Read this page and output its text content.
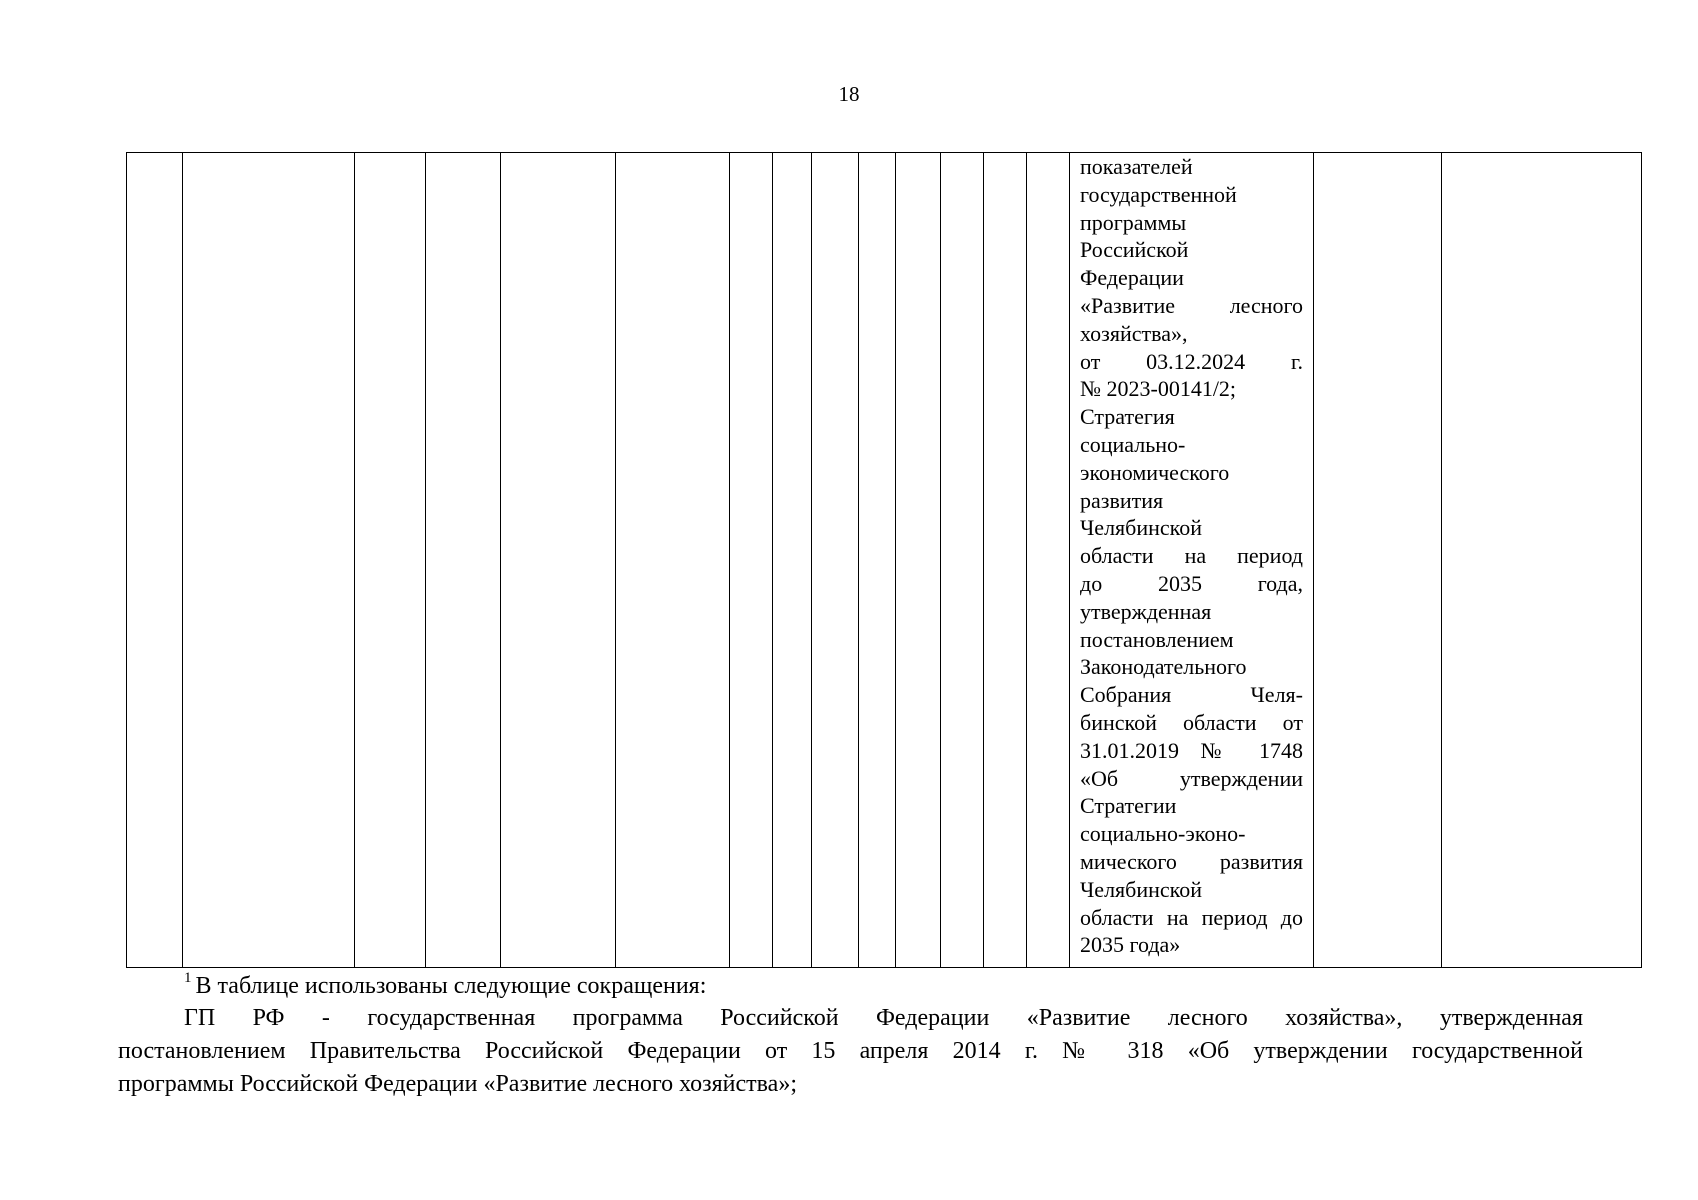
18

показателей
государственной
программы
Российской
Федерации
«Развитие лесного
хозяйства»,
от 03.12.2024 г.
№ 2023-00141/2;
Стратегия
социально-
экономического
развития
Челябинской
области на период
до 2035 года,
утвержденная
постановлением
Законодательного
Собрания Челя-
бинской области от
31.01.2019 № 1748
«Об утверждении
Стратегии
социально-эконо-
мического развития
Челябинской
области на период до
2035 года»

$^1$ В таблице использованы следующие сокращения:
ГП РФ - государственная программа Российской Федерации «Развитие лесного хозяйства», утвержденная
постановлением Правительства Российской Федерации от 15 апреля 2014 г. № 318 «Об утверждении государственной
программы Российской Федерации «Развитие лесного хозяйства»;
